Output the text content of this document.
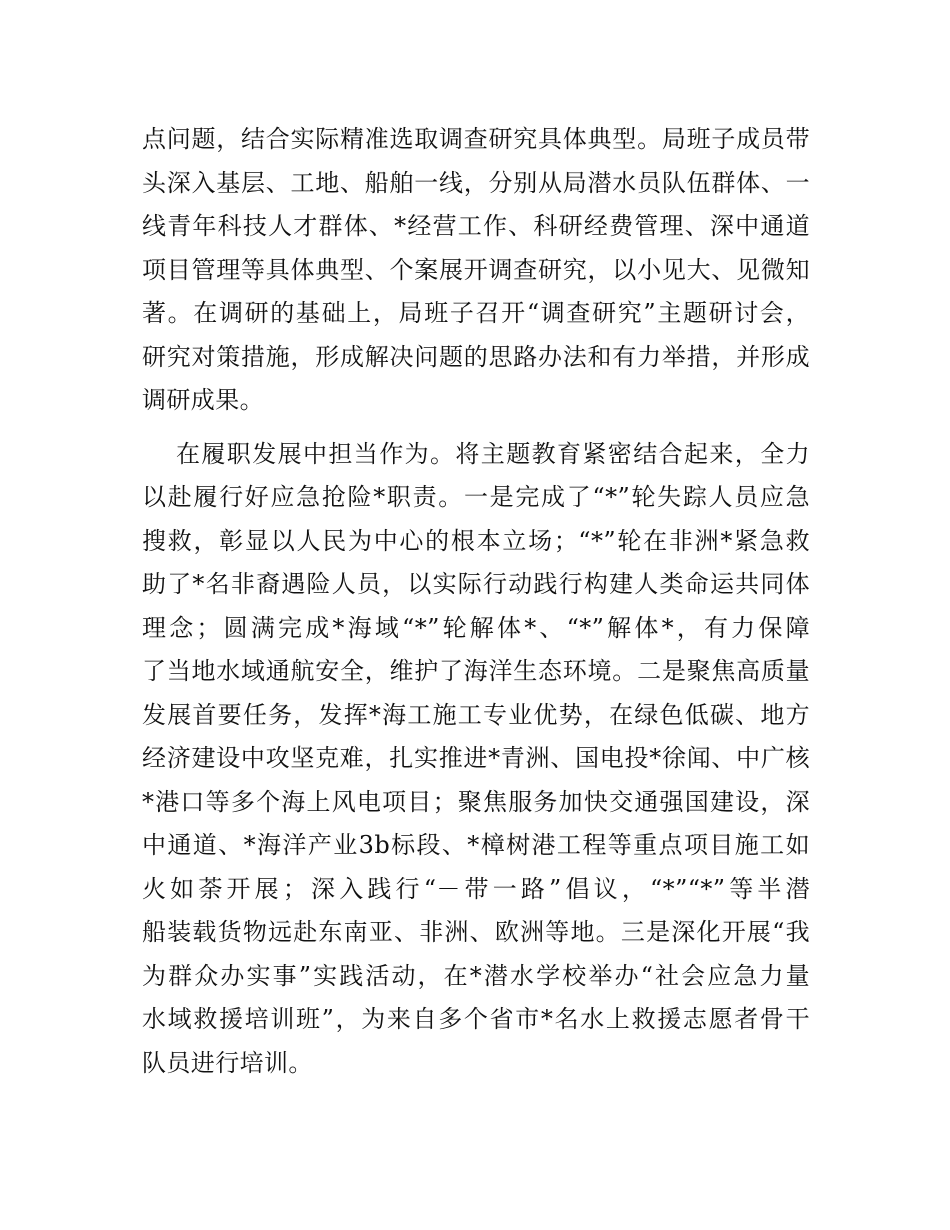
点问题，结合实际精准选取调查研究具体典型。局班子成员带
头深入基层、工地、船舶一线，分别从局潜水员队伍群体、一
线青年科技人才群体、*经营工作、科研经费管理、深中通道
项目管理等具体典型、个案展开调查研究，以小见大、见微知
著。在调研的基础上，局班子召开“调查研究”主题研讨会，
研究对策措施，形成解决问题的思路办法和有力举措，并形成
调研成果。
在履职发展中担当作为。将主题教育紧密结合起来，全力
以赴履行好应急抢险*职责。一是完成了“*”轮失踪人员应急
搜救，彰显以人民为中心的根本立场；“*”轮在非洲*紧急救
助了*名非裔遇险人员，以实际行动践行构建人类命运共同体
理念；圆满完成*海域“*”轮解体*、“*”解体*，有力保障
了当地水域通航安全，维护了海洋生态环境。二是聚焦高质量
发展首要任务，发挥*海工施工专业优势，在绿色低碳、地方
经济建设中攻坚克难，扎实推进*青洲、国电投*徐闻、中广核
*港口等多个海上风电项目；聚焦服务加快交通强国建设，深
中通道、*海洋产业3b标段、*樟树港工程等重点项目施工如
火如荼开展；深入践行“－带一路”倡议，“*”“*”等半潜
船装载货物远赴东南亚、非洲、欧洲等地。三是深化开展“我
为群众办实事”实践活动，在*潜水学校举办“社会应急力量
水域救援培训班”，为来自多个省市*名水上救援志愿者骨干
队员进行培训。
